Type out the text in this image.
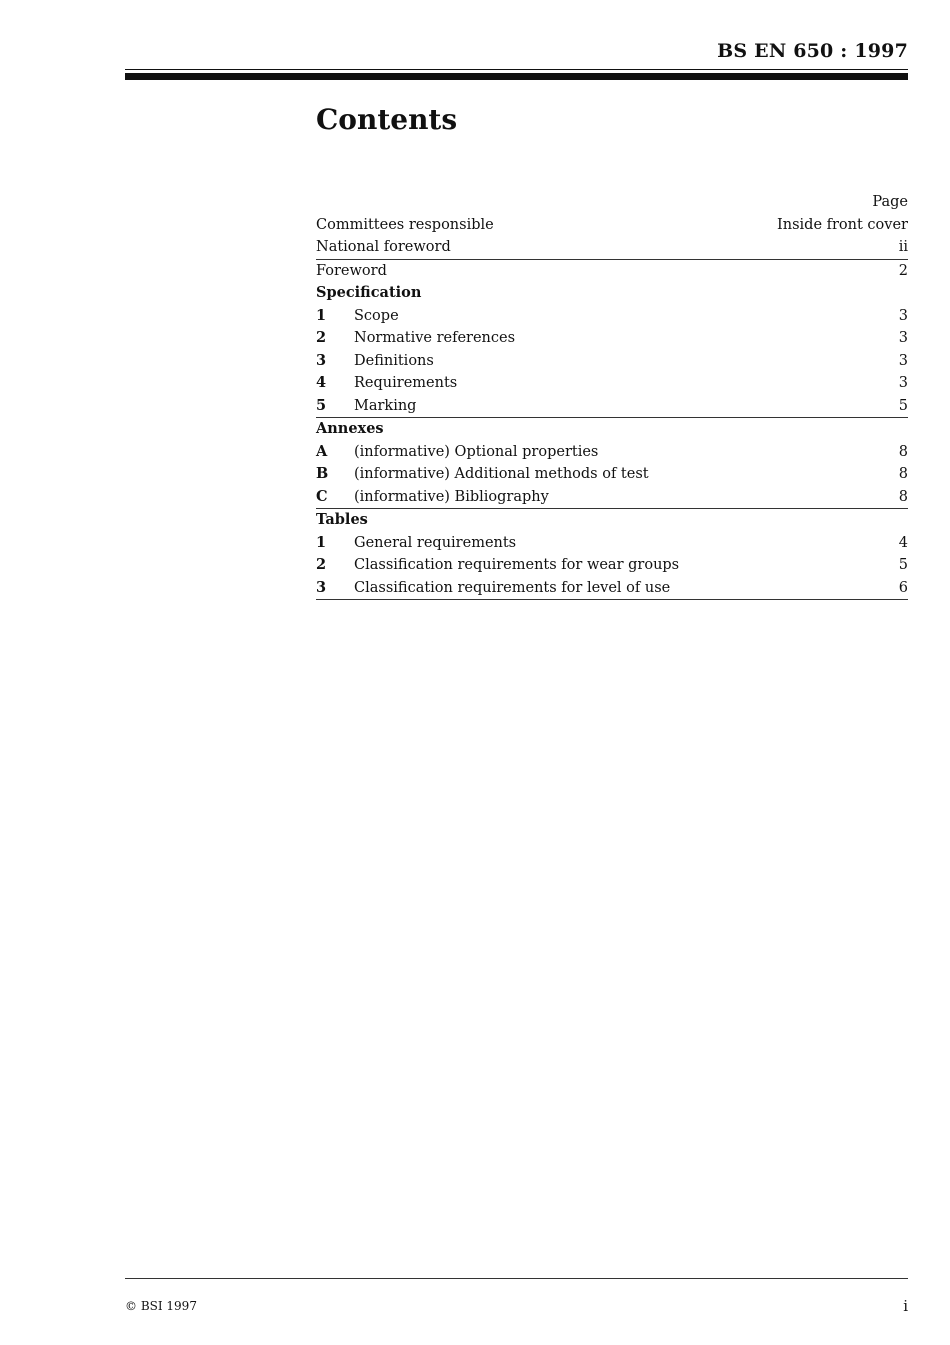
BS EN 650 : 1997
Contents
Page
Committees responsible	Inside front cover
National foreword	ii
Foreword	2
Specification
1	Scope	3
2	Normative references	3
3	Definitions	3
4	Requirements	3
5	Marking	5
Annexes
A	(informative) Optional properties	8
B	(informative) Additional methods of test	8
C	(informative) Bibliography	8
Tables
1	General requirements	4
2	Classification requirements for wear groups	5
3	Classification requirements for level of use	6
© BSI 1997	i
